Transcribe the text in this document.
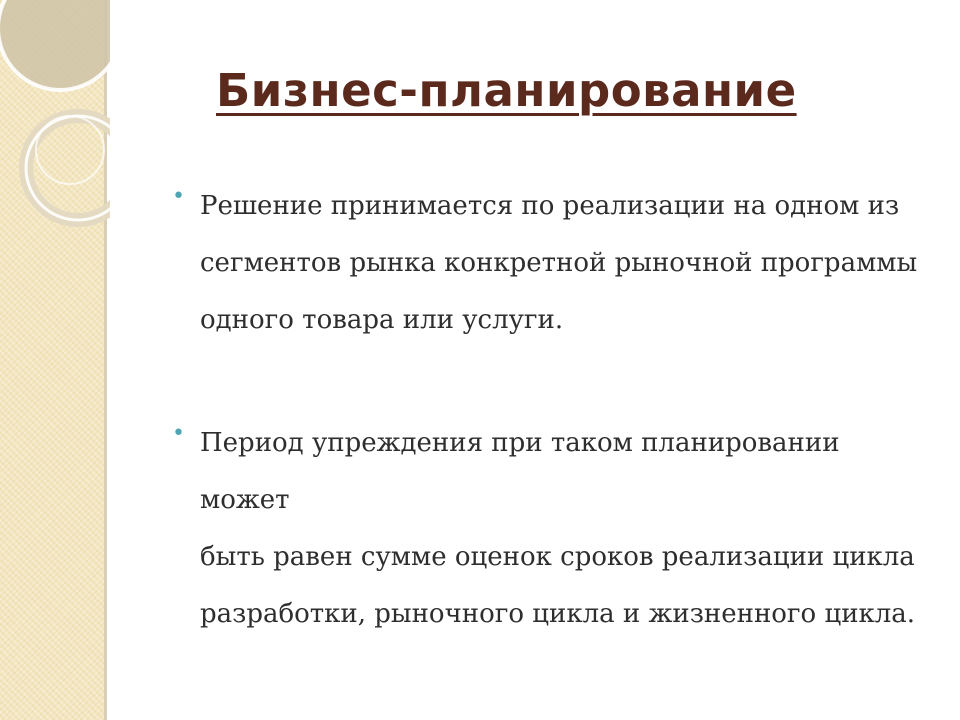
Бизнес-планирование
• Решение принимается по реализации на одном из
сегментов рынка конкретной рыночной программы
одного товара или услуги.
• Период упреждения при таком планировании может
быть равен сумме оценок сроков реализации цикла
разработки, рыночного цикла и жизненного цикла.
